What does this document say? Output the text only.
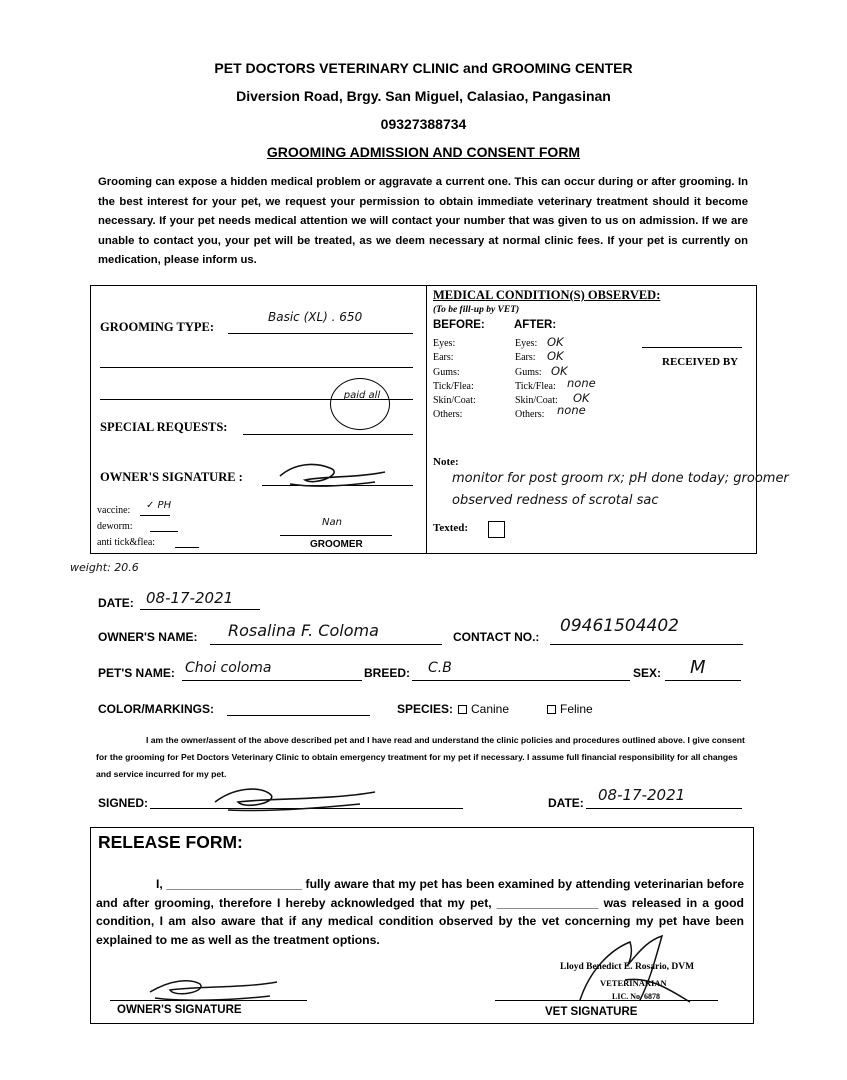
PET DOCTORS VETERINARY CLINIC and GROOMING CENTER
Diversion Road, Brgy. San Miguel, Calasiao, Pangasinan
09327388734
GROOMING ADMISSION AND CONSENT FORM
Grooming can expose a hidden medical problem or aggravate a current one. This can occur during or after grooming. In the best interest for your pet, we request your permission to obtain immediate veterinary treatment should it become necessary. If your pet needs medical attention we will contact your number that was given to us on admission. If we are unable to contact you, your pet will be treated, as we deem necessary at normal clinic fees. If your pet is currently on medication, please inform us.
GROOMING TYPE:
Basic (XL) . 650
paid all
SPECIAL REQUESTS:
OWNER'S SIGNATURE :
vaccine: ✓ PH
deworm:
anti tick&flea:
Nan
GROOMER
MEDICAL CONDITION(S) OBSERVED:
(To be fill-up by VET)
BEFORE:	AFTER:
Eyes:	Eyes: OK
Ears:	Ears: OK
Gums:	Gums: OK
Tick/Flea:	Tick/Flea: none
Skin/Coat:	Skin/Coat: OK
Others:	Others: none
RECEIVED BY
Note:
monitor for post groom rx; pH done today; groomer observed redness of scrotal sac
Texted:
weight: 20.6
DATE: 08-17-2021
OWNER'S NAME: Rosalina F. Coloma	CONTACT NO.:
09461504402
PET'S NAME: Choi coloma	BREED: C.B	SEX: M
COLOR/MARKINGS:	SPECIES:	Canine	Feline
I am the owner/assent of the above described pet and I have read and understand the clinic policies and procedures outlined above. I give consent for the grooming for Pet Doctors Veterinary Clinic to obtain emergency treatment for my pet if necessary. I assume full financial responsibility for all changes and service incurred for my pet.
SIGNED:	DATE: 08-17-2021
RELEASE FORM:
I, ____________________ fully aware that my pet has been examined by attending veterinarian before and after grooming, therefore I hereby acknowledged that my pet, _______________ was released in a good condition, I am also aware that if any medical condition observed by the vet concerning my pet have been explained to me as well as the treatment options.
Lloyd Benedict E. Rosario, DVM
VETERINARIAN
LIC. No. 6878
OWNER'S SIGNATURE	VET SIGNATURE
